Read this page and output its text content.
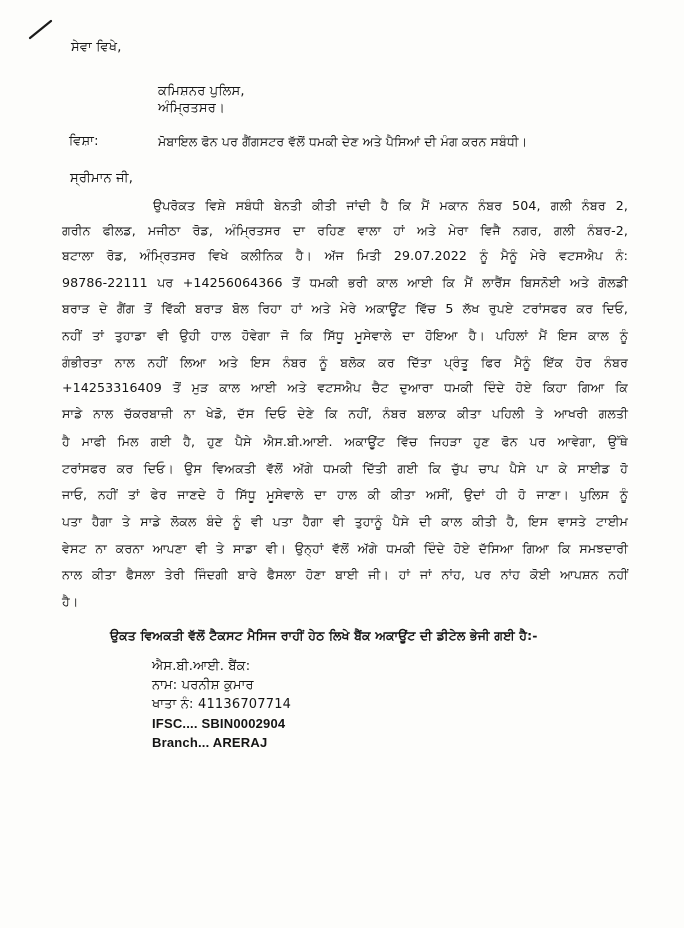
ਸੇਵਾ ਵਿਖੇ,
ਕਮਿਸ਼ਨਰ ਪੁਲਿਸ,
ਅੰਮ੍ਰਿਤਸਰ।
ਵਿਸ਼ਾ:	ਮੋਬਾਇਲ ਫੋਨ ਪਰ ਗੈਂਗਸਟਰ ਵੱਲੋਂ ਧਮਕੀ ਦੇਣ ਅਤੇ ਪੈਸਿਆਂ ਦੀ ਮੰਗ ਕਰਨ ਸਬੰਧੀ।
ਸ੍ਰੀਮਾਨ ਜੀ,
ਉਪਰੋਕਤ ਵਿਸ਼ੇ ਸਬੰਧੀ ਬੇਨਤੀ ਕੀਤੀ ਜਾਂਦੀ ਹੈ ਕਿ ਮੈਂ ਮਕਾਨ ਨੰਬਰ 504, ਗਲੀ ਨੰਬਰ 2,
ਗਰੀਨ ਫੀਲਡ, ਮਜੀਠਾ ਰੋਡ, ਅੰਮ੍ਰਿਤਸਰ ਦਾ ਰਹਿਣ ਵਾਲਾ ਹਾਂ ਅਤੇ ਮੇਰਾ ਵਿਜੈ ਨਗਰ, ਗਲੀ ਨੰਬਰ-2,
ਬਟਾਲਾ ਰੋਡ, ਅੰਮ੍ਰਿਤਸਰ ਵਿਖੇ ਕਲੀਨਿਕ ਹੈ। ਅੱਜ ਮਿਤੀ 29.07.2022 ਨੂੰ ਮੈਨੂੰ ਮੇਰੇ ਵਟਸਐਪ ਨੰ:
98786-22111 ਪਰ +14256064366 ਤੋਂ ਧਮਕੀ ਭਰੀ ਕਾਲ ਆਈ ਕਿ ਮੈਂ ਲਾਰੈਂਸ ਬਿਸਨੋਈ ਅਤੇ ਗੋਲਡੀ
ਬਰਾੜ ਦੇ ਗੈਂਗ ਤੋਂ ਵਿੱਕੀ ਬਰਾੜ ਬੋਲ ਰਿਹਾ ਹਾਂ ਅਤੇ ਮੇਰੇ ਅਕਾਊਂਟ ਵਿੱਚ 5 ਲੱਖ ਰੁਪਏ ਟਰਾਂਸਫਰ ਕਰ ਦਿਓ,
ਨਹੀਂ ਤਾਂ ਤੁਹਾਡਾ ਵੀ ਉਹੀ ਹਾਲ ਹੋਵੇਗਾ ਜੋ ਕਿ ਸਿੱਧੂ ਮੂਸੇਵਾਲੇ ਦਾ ਹੋਇਆ ਹੈ। ਪਹਿਲਾਂ ਮੈਂ ਇਸ ਕਾਲ ਨੂੰ
ਗੰਭੀਰਤਾ ਨਾਲ ਨਹੀਂ ਲਿਆ ਅਤੇ ਇਸ ਨੰਬਰ ਨੂੰ ਬਲੋਕ ਕਰ ਦਿੱਤਾ ਪ੍ਰੰਤੂ ਫਿਰ ਮੈਨੂੰ ਇੱਕ ਹੋਰ ਨੰਬਰ
+14253316409 ਤੋਂ ਮੁੜ ਕਾਲ ਆਈ ਅਤੇ ਵਟਸਐਪ ਚੈਟ ਦੁਆਰਾ ਧਮਕੀ ਦਿੰਦੇ ਹੋਏ ਕਿਹਾ ਗਿਆ ਕਿ
ਸਾਡੇ ਨਾਲ ਚੱਕਰਬਾਜ਼ੀ ਨਾ ਖੇਡੋ, ਦੱਸ ਦਿਓ ਦੇਣੇ ਕਿ ਨਹੀਂ, ਨੰਬਰ ਬਲਾਕ ਕੀਤਾ ਪਹਿਲੀ ਤੇ ਆਖਰੀ ਗਲਤੀ
ਹੈ ਮਾਫੀ ਮਿਲ ਗਈ ਹੈ, ਹੁਣ ਪੈਸੇ ਐਸ.ਬੀ.ਆਈ. ਅਕਾਊਂਟ ਵਿੱਚ ਜਿਹੜਾ ਹੁਣ ਫੋਨ ਪਰ ਆਵੇਗਾ, ਉੱਥੇ
ਟਰਾਂਸਫਰ ਕਰ ਦਿਓ। ਉਸ ਵਿਅਕਤੀ ਵੱਲੋਂ ਅੱਗੇ ਧਮਕੀ ਦਿੱਤੀ ਗਈ ਕਿ ਚੁੱਪ ਚਾਪ ਪੈਸੇ ਪਾ ਕੇ ਸਾਈਡ ਹੋ
ਜਾਓ, ਨਹੀਂ ਤਾਂ ਫੇਰ ਜਾਣਦੇ ਹੋ ਸਿੱਧੂ ਮੂਸੇਵਾਲੇ ਦਾ ਹਾਲ ਕੀ ਕੀਤਾ ਅਸੀਂ, ਉਦਾਂ ਹੀ ਹੋ ਜਾਣਾ। ਪੁਲਿਸ ਨੂੰ
ਪਤਾ ਹੈਗਾ ਤੇ ਸਾਡੇ ਲੋਕਲ ਬੰਦੇ ਨੂੰ ਵੀ ਪਤਾ ਹੈਗਾ ਵੀ ਤੁਹਾਨੂੰ ਪੈਸੇ ਦੀ ਕਾਲ ਕੀਤੀ ਹੈ, ਇਸ ਵਾਸਤੇ ਟਾਈਮ
ਵੇਸਟ ਨਾ ਕਰਨਾ ਆਪਣਾ ਵੀ ਤੇ ਸਾਡਾ ਵੀ। ਉਨ੍ਹਾਂ ਵੱਲੋਂ ਅੱਗੇ ਧਮਕੀ ਦਿੰਦੇ ਹੋਏ ਦੱਸਿਆ ਗਿਆ ਕਿ ਸਮਝਦਾਰੀ
ਨਾਲ ਕੀਤਾ ਫੈਸਲਾ ਤੇਰੀ ਜਿੰਦਗੀ ਬਾਰੇ ਫੈਸਲਾ ਹੋਣਾ ਬਾਈ ਜੀ। ਹਾਂ ਜਾਂ ਨਾਂਹ, ਪਰ ਨਾਂਹ ਕੋਈ ਆਪਸ਼ਨ ਨਹੀਂ
ਹੈ।
ਉਕਤ ਵਿਅਕਤੀ ਵੱਲੋਂ ਟੈਕਸਟ ਮੈਸਿਜ ਰਾਹੀਂ ਹੇਠ ਲਿਖੇ ਬੈਂਕ ਅਕਾਊਂਟ ਦੀ ਡੀਟੇਲ ਭੇਜੀ ਗਈ ਹੈ:-
ਐਸ.ਬੀ.ਆਈ. ਬੈਂਕ:
ਨਾਮ: ਪਰਨੀਸ਼ ਕੁਮਾਰ
ਖਾਤਾ ਨੰ: 41136707714
IFSC.... SBIN0002904
Branch... ARERAJ
